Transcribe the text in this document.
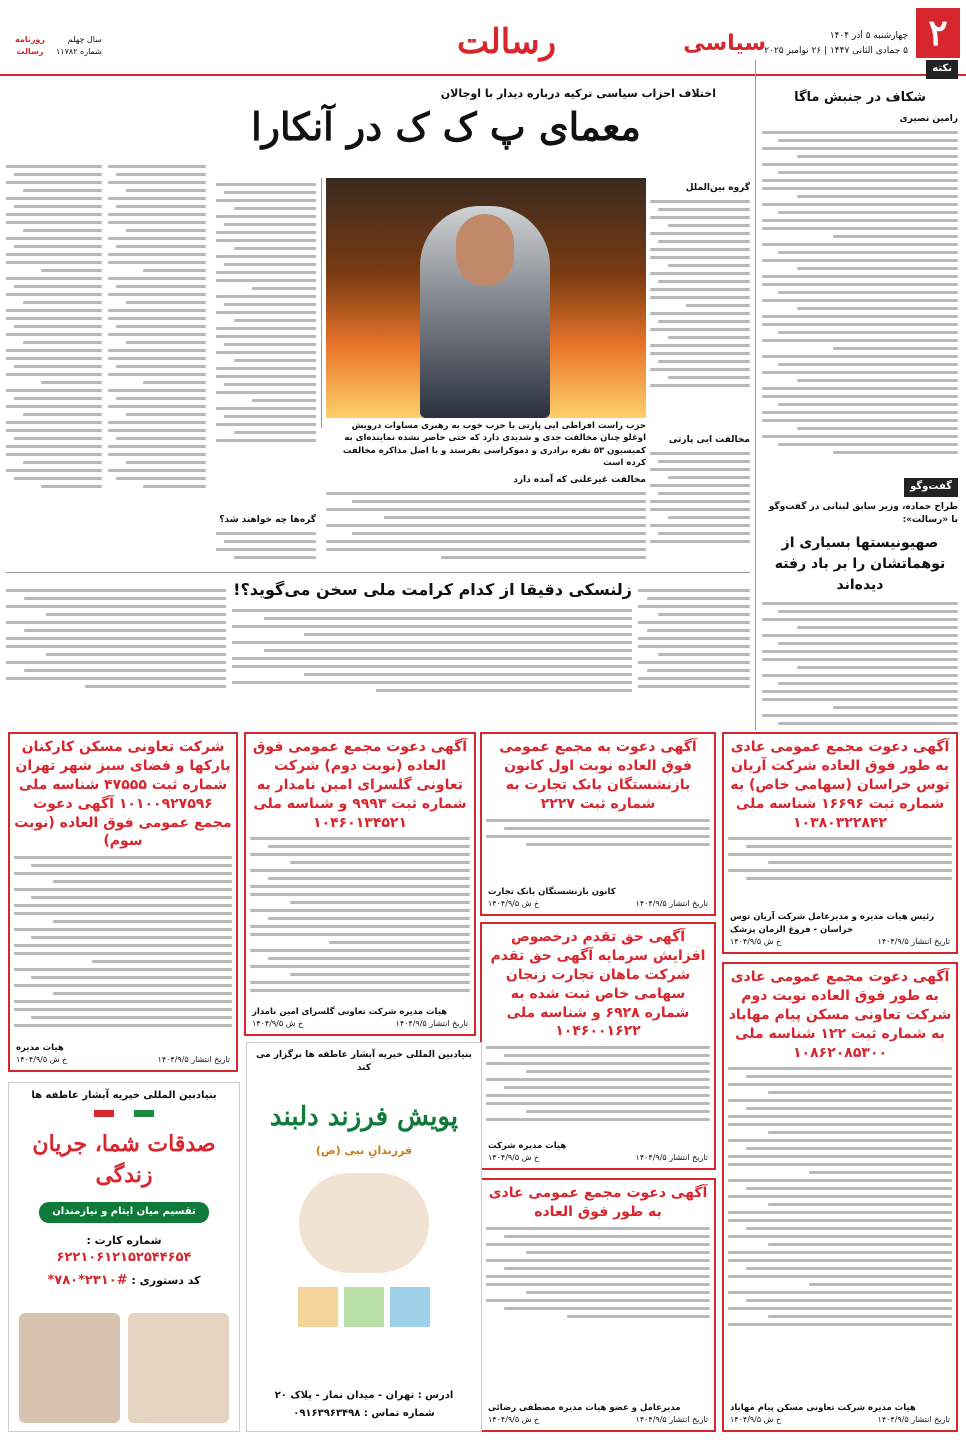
۲
سیاسی
رسالت	چهارشنبه ۵ آذر ۱۴۰۴
۵ جمادی الثانی ۱۴۴۷ | ۲۶ نوامبر ۲۰۲۵
روزنامه رسالت
سال چهلم
شماره ۱۱۷۸۲
نکته
شکاف در جنبش ماگا
رامین نصیری
اختلاف احزاب سیاسی ترکیه درباره دیدار با اوجالان
معمای پ ک ک در آنکارا
گروه بین‌الملل
حزب راست افراطی ایی پارتی با حزب خوب به رهبری مساوات درویش اوغلو چنان مخالفت جدی و شدیدی دارد که حتی حاضر نشده نماینده‌ای به کمیسیون ۵۳ نفره برادری و دموکراسی بفرستد و با اصل مذاکره مخالفت کرده است
مخالفت ایی پارتی
مخالفت غیرعلنی که آمده دارد
گره‌ها چه خواهند شد؟
گفت‌وگو
طراح حماده، وزیر سابق لبنانی در گفت‌وگو با «رسالت»:
صهیونیستها بسیاری از توهماتشان را بر باد رفته دیده‌اند
زلنسکی دقیقا از کدام کرامت ملی سخن می‌گوید؟!
آگهی دعوت مجمع عمومی عادی به طور فوق العاده شرکت آریان توس خراسان (سهامی خاص) به شماره ثبت ۱۶۶۹۶ شناسه ملی ۱۰۳۸۰۳۲۲۸۴۲
رئیس هیات مدیره و مدیرعامل شرکت آریان توس خراسان - فروغ الزمان پزشک
تاریخ انتشار ۱۴۰۴/۹/۵
خ ش ۱۴۰۴/۹/۵
آگهی دعوت به مجمع عمومی فوق العاده نوبت اول کانون بازنشستگان بانک تجارت به شماره ثبت ۲۲۲۷
کانون بازنشستگان بانک تجارت
تاریخ انتشار ۱۴۰۴/۹/۵
خ ش ۱۴۰۴/۹/۵
آگهی دعوت مجمع عمومی فوق العاده (نوبت دوم) شرکت تعاونی گلسرای امین نامدار به شماره ثبت ۹۹۹۳ و شناسه ملی ۱۰۴۶۰۱۳۴۵۲۱
هیات مدیره شرکت تعاونی گلسرای امین نامدار
تاریخ انتشار ۱۴۰۴/۹/۵
خ ش ۱۴۰۴/۹/۵
شرکت تعاونی مسکن کارکنان پارکها و فضای سبز شهر تهران شماره ثبت ۴۷۵۵۵ شناسه ملی ۱۰۱۰۰۹۲۷۵۹۶ آگهی دعوت مجمع عمومی فوق العاده (نوبت سوم)
هیات مدیره
تاریخ انتشار ۱۴۰۴/۹/۵
خ ش ۱۴۰۴/۹/۵
آگهی دعوت مجمع عمومی عادی به طور فوق العاده نوبت دوم شرکت تعاونی مسکن پیام مهاباد به شماره ثبت ۱۲۲ شناسه ملی ۱۰۸۶۲۰۸۵۳۰۰
هیات مدیره شرکت تعاونی مسکن پیام مهاباد
تاریخ انتشار ۱۴۰۴/۹/۵
خ ش ۱۴۰۴/۹/۵
آگهی حق تقدم درخصوص افزایش سرمایه آگهی حق تقدم شرکت ماهان تجارت زنجان سهامی خاص ثبت شده به شماره ۶۹۲۸ و شناسه ملی ۱۰۴۶۰۰۱۶۲۲
هیات مدیره شرکت
تاریخ انتشار ۱۴۰۴/۹/۵
خ ش ۱۴۰۴/۹/۵
آگهی دعوت مجمع عمومی عادی به طور فوق العاده
مدیرعامل و عضو هیات مدیره مصطفی رضائی
تاریخ انتشار ۱۴۰۴/۹/۵
خ ش ۱۴۰۴/۹/۵
بنیادبین المللی خیریه آبشار عاطفه ها برگزار می کند
پویش فرزند دلبند
فرزندانِ نبی (ص)
ادرس : تهران - میدان نماز - پلاک ۲۰
شماره تماس : ۰۹۱۶۳۹۶۳۴۹۸
بنیادبین المللی خیریه آبشار عاطفه ها
صدقات شما، جریان زندگی
تقسیم میان ایتام و نیازمندان
شماره کارت :
۶۲۲۱۰۶۱۲۱۵۲۵۴۴۶۵۴
کد دستوری : #۲۳۱۰*۷۸۰*
